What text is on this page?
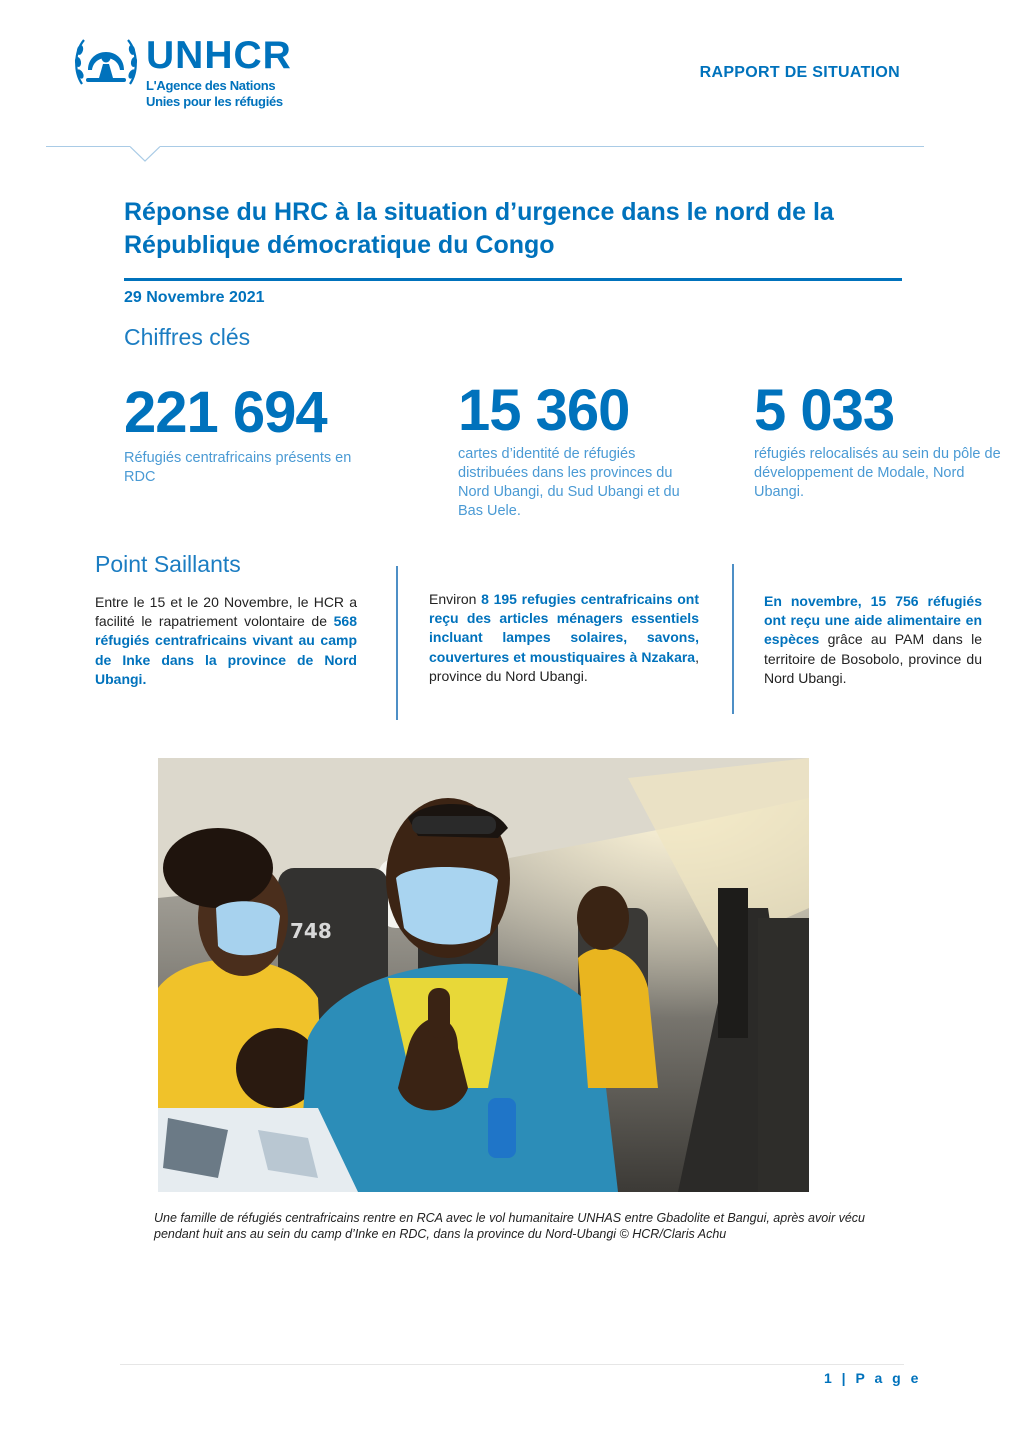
UNHCR
L'Agence des Nations
Unies pour les réfugiés
RAPPORT DE SITUATION
Réponse du HRC à la situation d’urgence dans le nord de la République démocratique du Congo
29 Novembre 2021
Chiffres clés
221 694
Réfugiés centrafricains présents en RDC
15 360
cartes d’identité de réfugiés distribuées dans les provinces du Nord Ubangi, du Sud Ubangi et du Bas Uele.
5 033
réfugiés relocalisés au sein du pôle de développement de Modale, Nord Ubangi.
Point Saillants
Entre le 15 et le 20 Novembre, le HCR a facilité le rapatriement volontaire de 568 réfugiés centrafricains vivant au camp de Inke dans la province de Nord Ubangi.
Environ 8 195 refugies centrafricains ont reçu des articles ménagers essentiels incluant lampes solaires, savons, couvertures et moustiquaires à Nzakara, province du Nord Ubangi.
En novembre, 15 756 réfugiés ont reçu une aide alimentaire en espèces grâce au PAM dans le territoire de Bosobolo, province du Nord Ubangi.
748
Une famille de réfugiés centrafricains rentre en RCA avec le vol humanitaire UNHAS entre Gbadolite et Bangui, après avoir vécu pendant huit ans au sein du camp d’Inke en RDC, dans la province du Nord-Ubangi © HCR/Claris Achu
1 | P a g e
